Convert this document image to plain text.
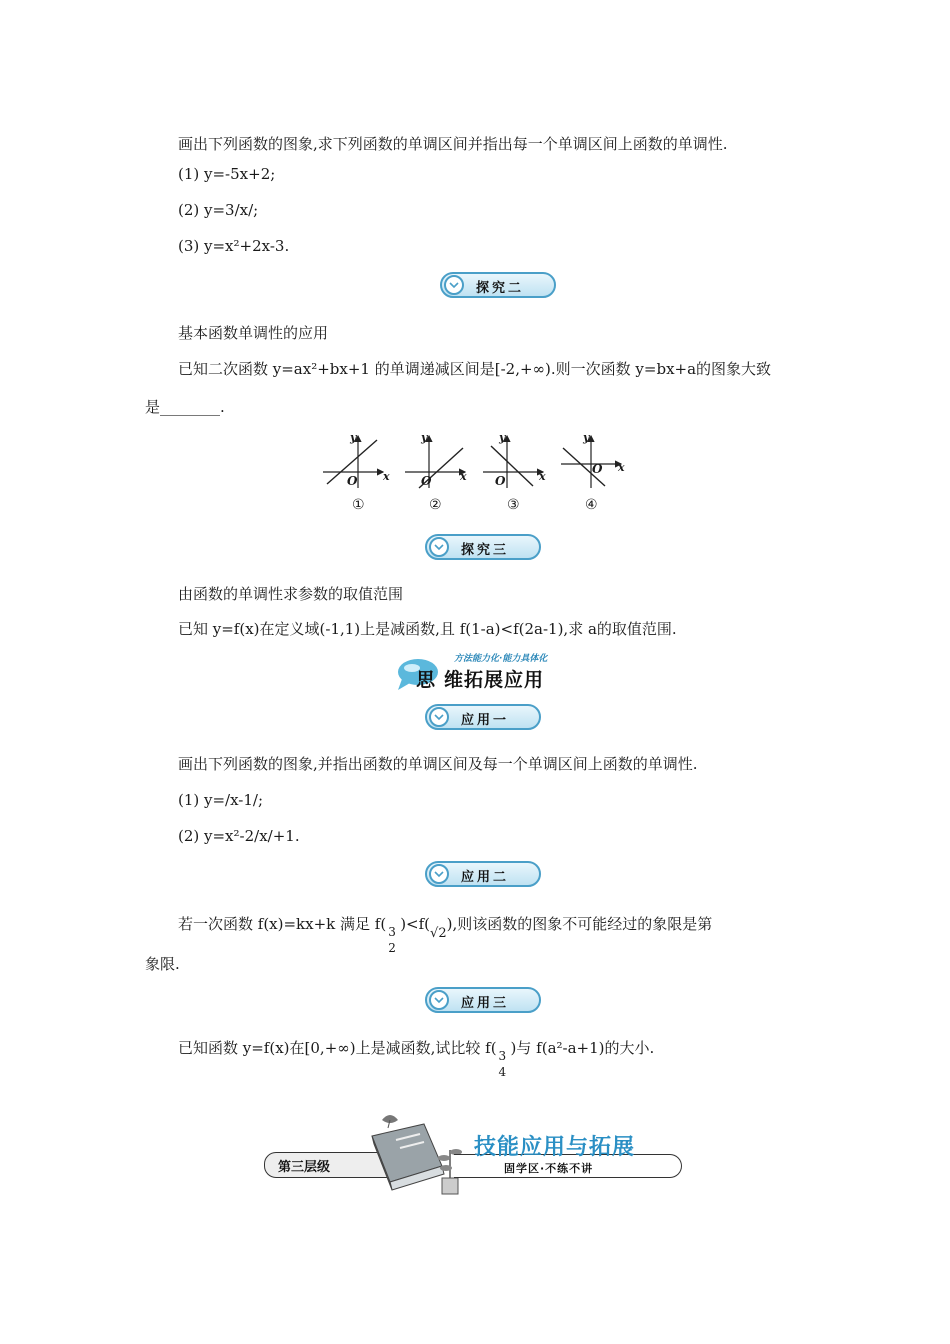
画出下列函数的图象,求下列函数的单调区间并指出每一个单调区间上函数的单调性.
(1) y=-5x+2;
(2) y=3/x/;
(3) y=x²+2x-3.
探究二
基本函数单调性的应用
已知二次函数 y=ax²+bx+1 的单调递减区间是[-2,+∞).则一次函数 y=bx+a的图象大致
是________.
y
x
O
y
x
O
y
x
O
y
x
O
①	②	③	④
探究三
由函数的单调性求参数的取值范围
已知 y=f(x)在定义域(-1,1)上是减函数,且 f(1-a)<f(2a-1),求 a的取值范围.
方法能力化·能力具体化
思 维拓展应用
应用一
画出下列函数的图象,并指出函数的单调区间及每一个单调区间上函数的单调性.
(1) y=/x-1/;
(2) y=x²-2/x/+1.
应用二
若一次函数 f(x)=kx+k 满足 f( 3
2
)<f(√2),则该函数的图象不可能经过的象限是第
象限.
应用三
已知函数 y=f(x)在[0,+∞)上是减函数,试比较 f( 3
4
)与 f(a²-a+1)的大小.
第三层级
技能应用与拓展
固学区·不练不讲
